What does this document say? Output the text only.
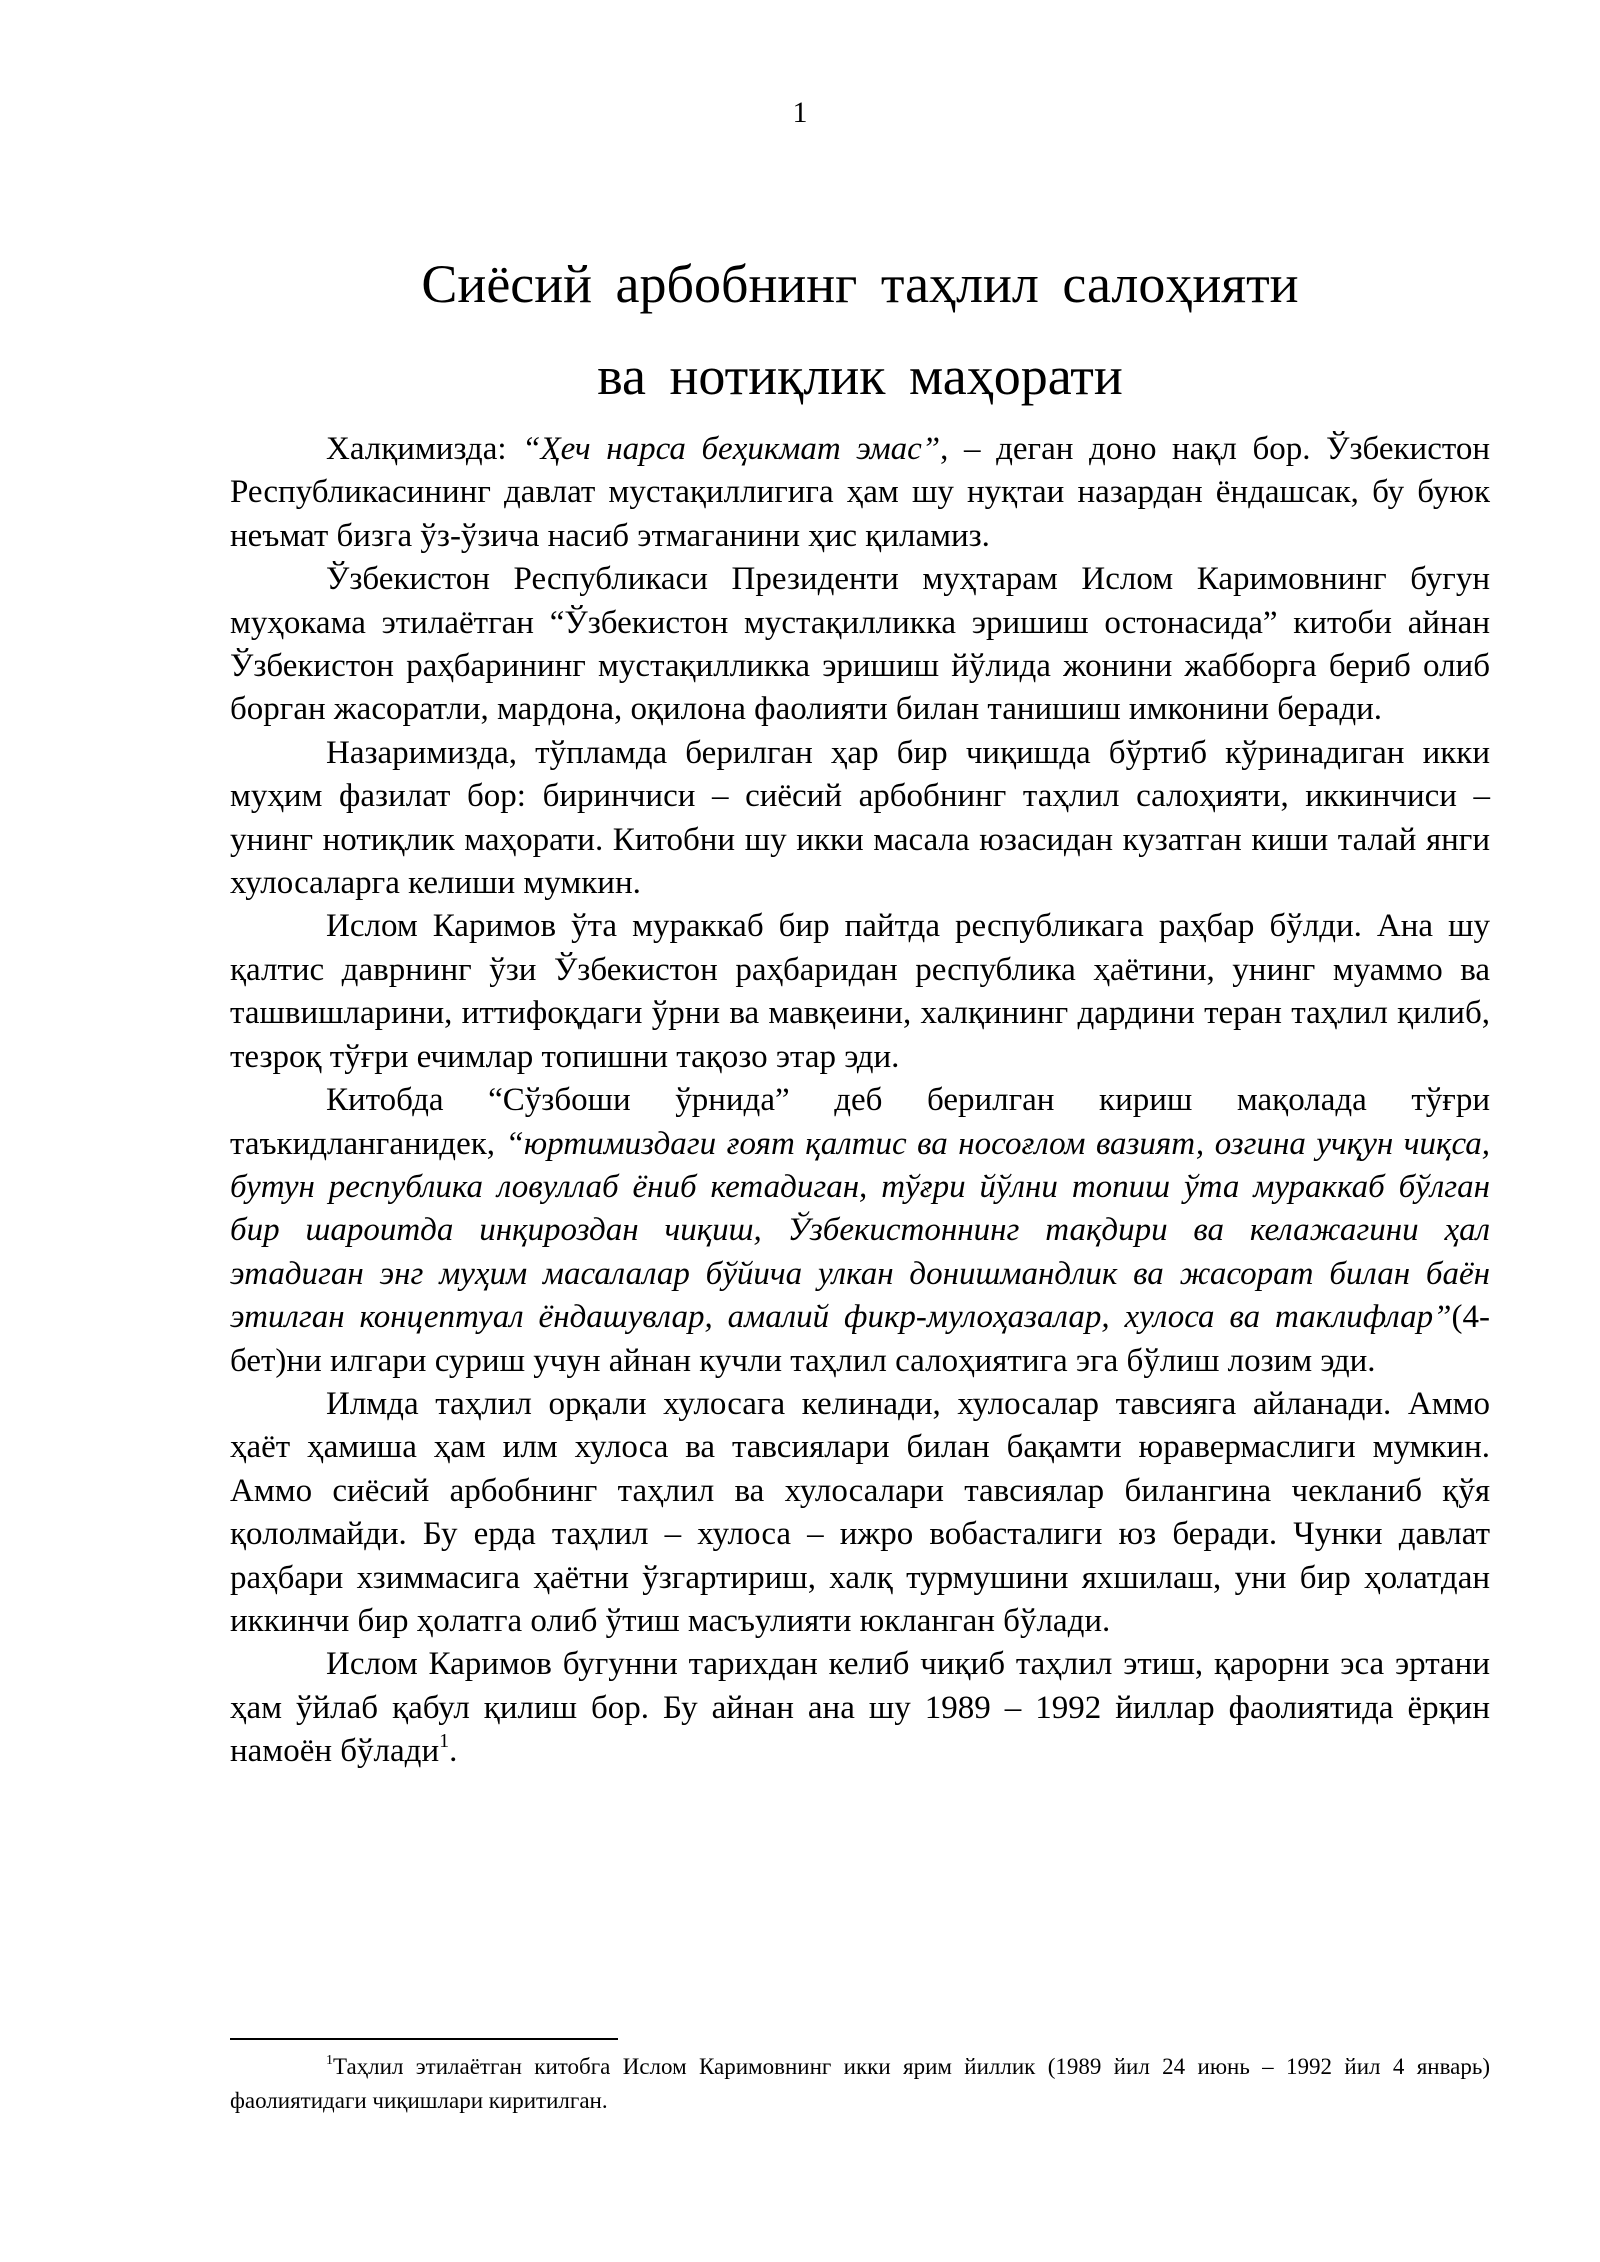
1
Сиёсий арбобнинг таҳлил салоҳияти
ва нотиқлик маҳорати

Халқимизда: “Ҳеч нарса беҳикмат эмас”, – деган доно нақл бор. Ўзбекистон Республикасининг давлат мустақиллигига ҳам шу нуқтаи назардан ёндашсак, бу буюк неъмат бизга ўз-ўзича насиб этмаганини ҳис қиламиз.

Ўзбекистон Республикаси Президенти муҳтарам Ислом Каримовнинг бугун муҳокама этилаётган “Ўзбекистон мустақилликка эришиш остонасида” китоби айнан Ўзбекистон раҳбарининг мустақилликка эришиш йўлида жонини жабборга бериб олиб борган жасоратли, мардона, оқилона фаолияти билан танишиш имконини беради.

Назаримизда, тўпламда берилган ҳар бир чиқишда бўртиб кўринадиган икки муҳим фазилат бор: биринчиси – сиёсий арбобнинг таҳлил салоҳияти, иккинчиси – унинг нотиқлик маҳорати. Китобни шу икки масала юзасидан кузатган киши талай янги хулосаларга келиши мумкин.

Ислом Каримов ўта мураккаб бир пайтда республикага раҳбар бўлди. Ана шу қалтис даврнинг ўзи Ўзбекистон раҳбаридан республика ҳаётини, унинг муаммо ва ташвишларини, иттифоқдаги ўрни ва мавқеини, халқининг дардини теран таҳлил қилиб, тезроқ тўғри ечимлар топишни тақозо этар эди.

Китобда “Сўзбоши ўрнида” деб берилган кириш мақолада тўғри таъкидланганидек, “юртимиздаги ғоят қалтис ва носоғлом вазият, озгина учқун чиқса, бутун республика ловуллаб ёниб кетадиган, тўғри йўлни топиш ўта мураккаб бўлган бир шароитда инқироздан чиқиш, Ўзбекистоннинг тақдири ва келажагини ҳал этадиган энг муҳим масалалар бўйича улкан донишмандлик ва жасорат билан баён этилган концептуал ёндашувлар, амалий фикр-мулоҳазалар, хулоса ва таклифлар”(4-бет)ни илгари суриш учун айнан кучли таҳлил салоҳиятига эга бўлиш лозим эди.

Илмда таҳлил орқали хулосага келинади, хулосалар тавсияга айланади. Аммо ҳаёт ҳамиша ҳам илм хулоса ва тавсиялари билан бақамти юравермаслиги мумкин. Аммо сиёсий арбобнинг таҳлил ва хулосалари тавсиялар билангина чекланиб қўя қололмайди. Бу ерда таҳлил – хулоса – ижро вобасталиги юз беради. Чунки давлат раҳбари хзиммасига ҳаётни ўзгартириш, халқ турмушини яхшилаш, уни бир ҳолатдан иккинчи бир ҳолатга олиб ўтиш масъулияти юкланган бўлади.

Ислом Каримов бугунни тарихдан келиб чиқиб таҳлил этиш, қарорни эса эртани ҳам ўйлаб қабул қилиш бор. Бу айнан ана шу 1989 – 1992 йиллар фаолиятида ёрқин намоён бўлади$^1$.

$^1$Таҳлил этилаётган китобга Ислом Каримовнинг икки ярим йиллик (1989 йил 24 июнь – 1992 йил 4 январь) фаолиятидаги чиқишлари киритилган.
